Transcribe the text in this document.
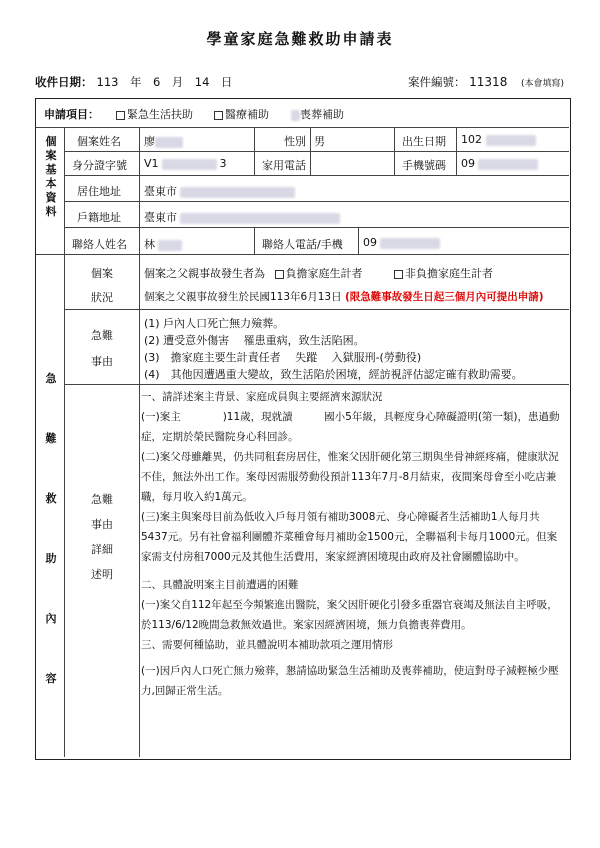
學童家庭急難救助申請表
收件日期： 113　年　6　月　14　日	案件編號： 11318 (本會填寫)
申請項目：	緊急生活扶助	醫療補助	喪葬補助
個案基本資料
個案姓名 廖	性別 男	出生日期 102
身分證字號 V1	3	家用電話	手機號碼 09
居住地址 臺東市
戶籍地址 臺東市
聯絡人姓名 林	聯絡人電話/手機 09
急難救助內容
個案
狀況
個案之父親事故發生者為 負擔家庭生計者	非負擔家庭生計者
個案之父親事故發生於民國113年6月13日 (限急難事故發生日起三個月內可提出申請)
急難
事由
(1) 戶內人口死亡無力殮葬。
(2) 遭受意外傷害　 罹患重病，致生活陷困。
(3)　擔家庭主要生計責任者　 失蹤　 入獄服刑-(勞動役)
(4)　其他因遭遇重大變故，致生活陷於困境，經訪視評估認定確有救助需要。
急難
事由
詳細
述明
一、請詳述案主背景、家庭成員與主要經濟來源狀況
(一)案主　　　　)11歲，現就讀　　　國小5年級，具輕度身心障礙證明(第一類)，患過動症，定期於榮民醫院身心科回診。
(二)案父母雖離異，仍共同租套房居住，惟案父因肝硬化第三期與坐骨神經疼痛，健康狀況不佳，無法外出工作。案母因需服勞動役預計113年7月-8月結束，夜間案母會至小吃店兼職，每月收入約1萬元。
(三)案主與案母目前為低收入戶每月領有補助3008元、身心障礙者生活補助1人每月共5437元。另有社會福利團體芥菜種會每月補助金1500元，全聯福利卡每月1000元。但案家需支付房租7000元及其他生活費用，案家經濟困境現由政府及社會團體協助中。
二、具體說明案主目前遭遇的困難
(一)案父自112年起至今頻繁進出醫院，案父因肝硬化引發多重器官衰竭及無法自主呼吸，於113/6/12晚間急救無效過世。案家因經濟困境，無力負擔喪葬費用。
三、需要何種協助，並具體說明本補助款項之運用情形
(一)因戶內人口死亡無力殮葬，懇請協助緊急生活補助及喪葬補助，使這對母子減輕極少壓力,回歸正常生活。
